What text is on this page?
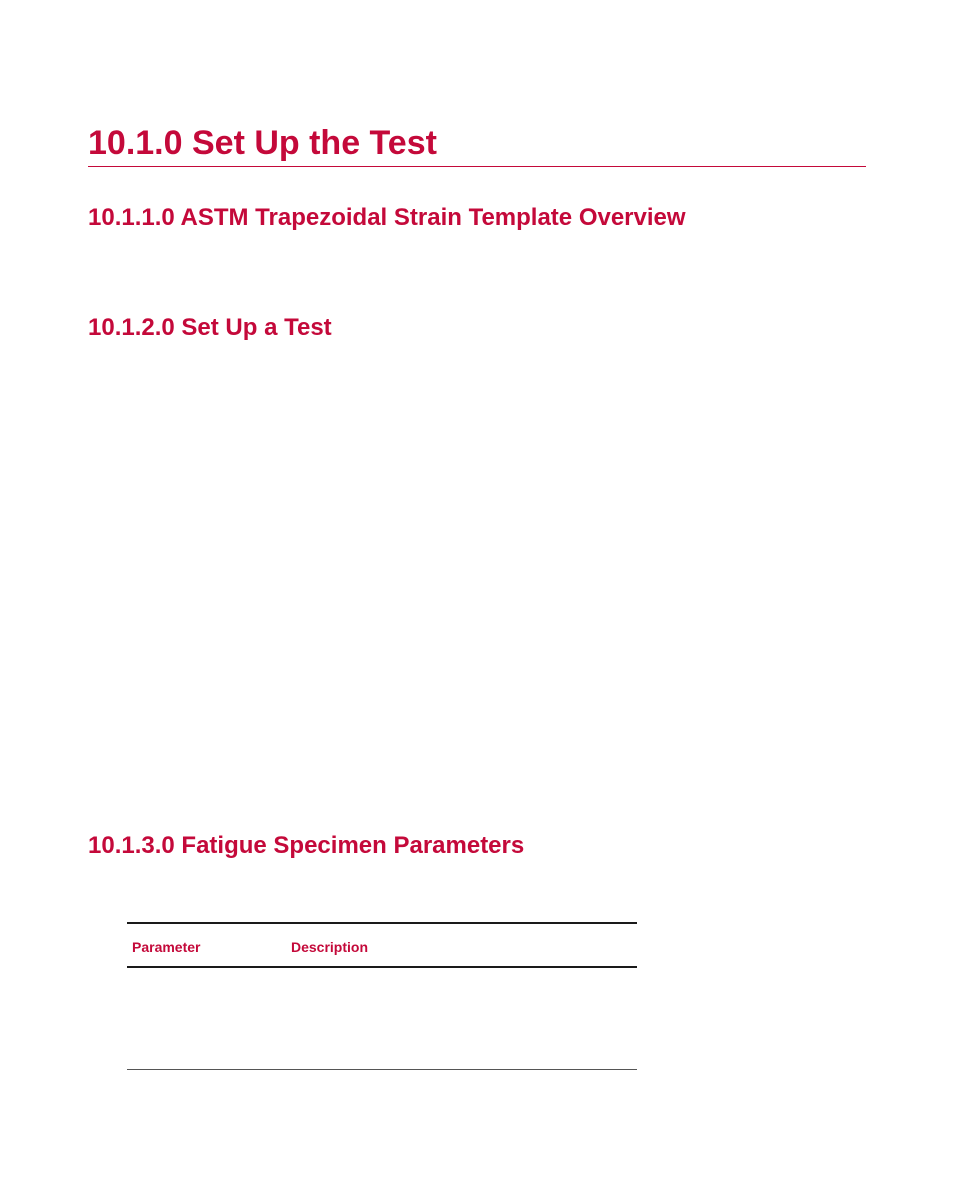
10.1.0 Set Up the Test
10.1.1.0 ASTM Trapezoidal Strain Template Overview
10.1.2.0 Set Up a Test
10.1.3.0 Fatigue Specimen Parameters
Parameter	Description
